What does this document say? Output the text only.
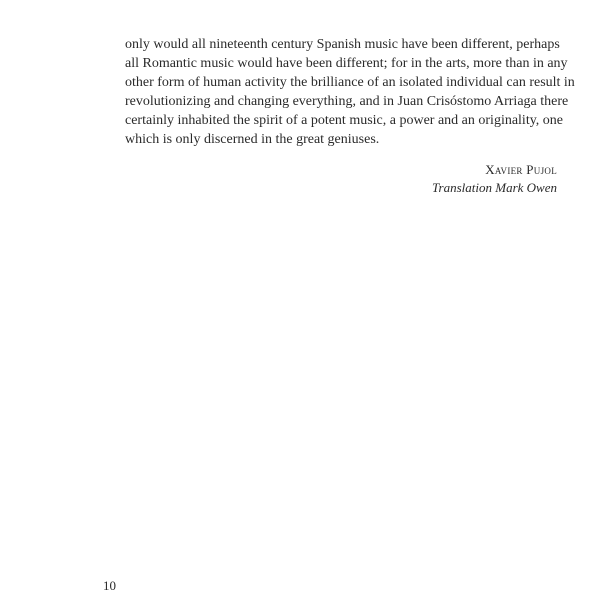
only would all nineteenth century Spanish music have been different, perhaps
all Romantic music would have been different; for in the arts, more than in any
other form of human activity the brilliance of an isolated individual can result in
revolutionizing and changing everything, and in Juan Crisóstomo Arriaga there
certainly inhabited the spirit of a potent music, a power and an originality, one
which is only discerned in the great geniuses.

Xavier Pujol
Translation Mark Owen
10
